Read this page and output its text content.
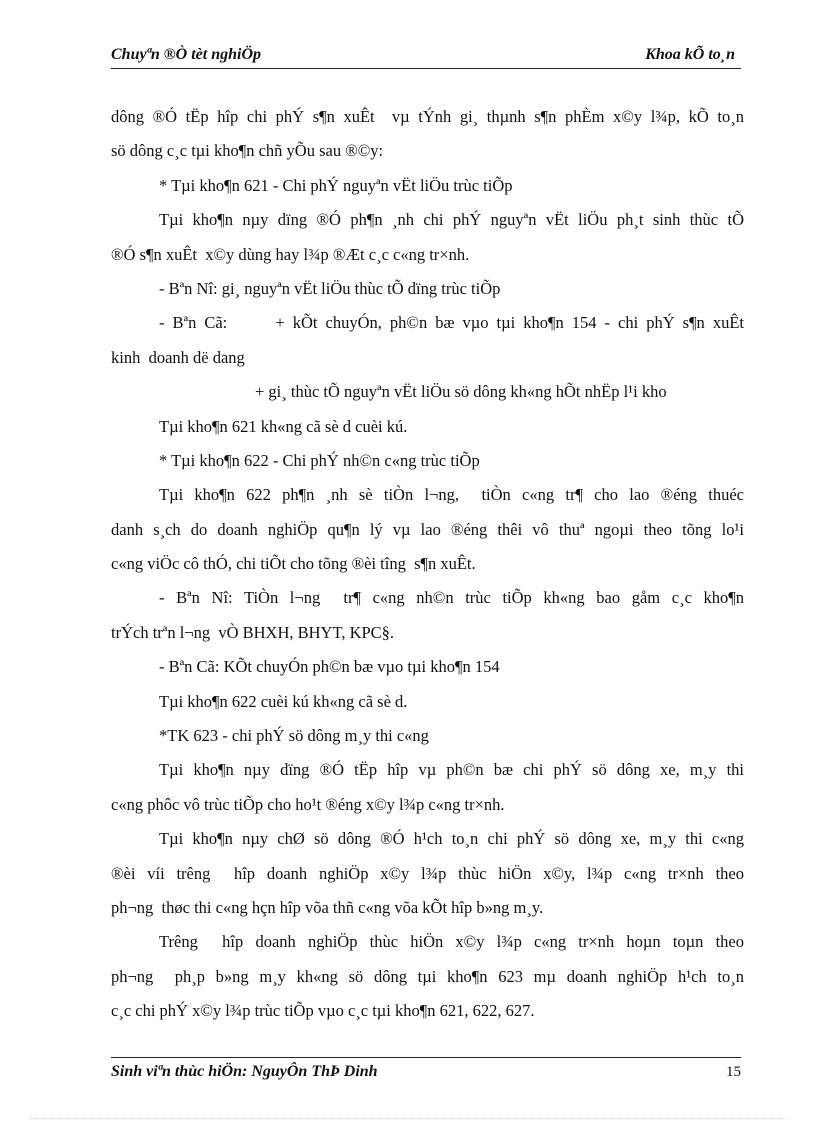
Chuyªn ®Ò tèt nghiÖp	Khoa kÕ to¸n
dông ®Ó tËp hîp chi phÝ s¶n xuÊt  vµ tÝnh gi¸ thµnh s¶n phÈm x©y l¾p, kÕ to¸n
sö dông c¸c tµi kho¶n chñ yÕu sau ®©y:
* Tµi kho¶n 621 - Chi phÝ nguyªn vËt liÖu trùc tiÕp
Tµi kho¶n nµy dïng ®Ó ph¶n ¸nh chi phÝ nguyªn vËt liÖu ph¸t sinh thùc tÕ
®Ó s¶n xuÊt  x©y dùng hay l¾p ®Æt c¸c c«ng tr×nh.
- Bªn Nî: gi¸ nguyªn vËt liÖu thùc tÕ dïng trùc tiÕp
- Bªn Cã:      + kÕt chuyÓn, ph©n bæ vµo tµi kho¶n 154 - chi phÝ s¶n xuÊt
kinh  doanh dë dang
+ gi¸ thùc tÕ nguyªn vËt liÖu sö dông kh«ng hÕt nhËp l¹i kho
Tµi kho¶n 621 kh«ng cã sè d cuèi kú.
* Tµi kho¶n 622 - Chi phÝ nh©n c«ng trùc tiÕp
Tµi kho¶n 622 ph¶n ¸nh sè tiÒn l¬ng,  tiÒn c«ng tr¶ cho lao ®éng thuéc
danh s¸ch do doanh nghiÖp qu¶n lý vµ lao ®éng thêi vô thuª ngoµi theo tõng lo¹i
c«ng viÖc cô thÓ, chi tiÕt cho tõng ®èi tîng  s¶n xuÊt.
- Bªn Nî: TiÒn l¬ng  tr¶ c«ng nh©n trùc tiÕp kh«ng bao gåm c¸c kho¶n
trÝch trªn l¬ng  vÒ BHXH, BHYT, KPC§.
- Bªn Cã: KÕt chuyÓn ph©n bæ vµo tµi kho¶n 154
Tµi kho¶n 622 cuèi kú kh«ng cã sè d.
*TK 623 - chi phÝ sö dông m¸y thi c«ng
Tµi kho¶n nµy dïng ®Ó tËp hîp vµ ph©n bæ chi phÝ sö dông xe, m¸y thi
c«ng phôc vô trùc tiÕp cho ho¹t ®éng x©y l¾p c«ng tr×nh.
Tµi kho¶n nµy chØ sö dông ®Ó h¹ch to¸n chi phÝ sö dông xe, m¸y thi c«ng
®èi víi trêng  hîp doanh nghiÖp x©y l¾p thùc hiÖn x©y, l¾p c«ng tr×nh theo
ph¬ng  thøc thi c«ng hçn hîp võa thñ c«ng võa kÕt hîp b»ng m¸y.
Trêng  hîp doanh nghiÖp thùc hiÖn x©y l¾p c«ng tr×nh hoµn toµn theo
ph¬ng  ph¸p b»ng m¸y kh«ng sö dông tµi kho¶n 623 mµ doanh nghiÖp h¹ch to¸n
c¸c chi phÝ x©y l¾p trùc tiÕp vµo c¸c tµi kho¶n 621, 622, 627.
Sinh viªn thùc hiÖn: NguyÔn ThÞ Dinh	15
